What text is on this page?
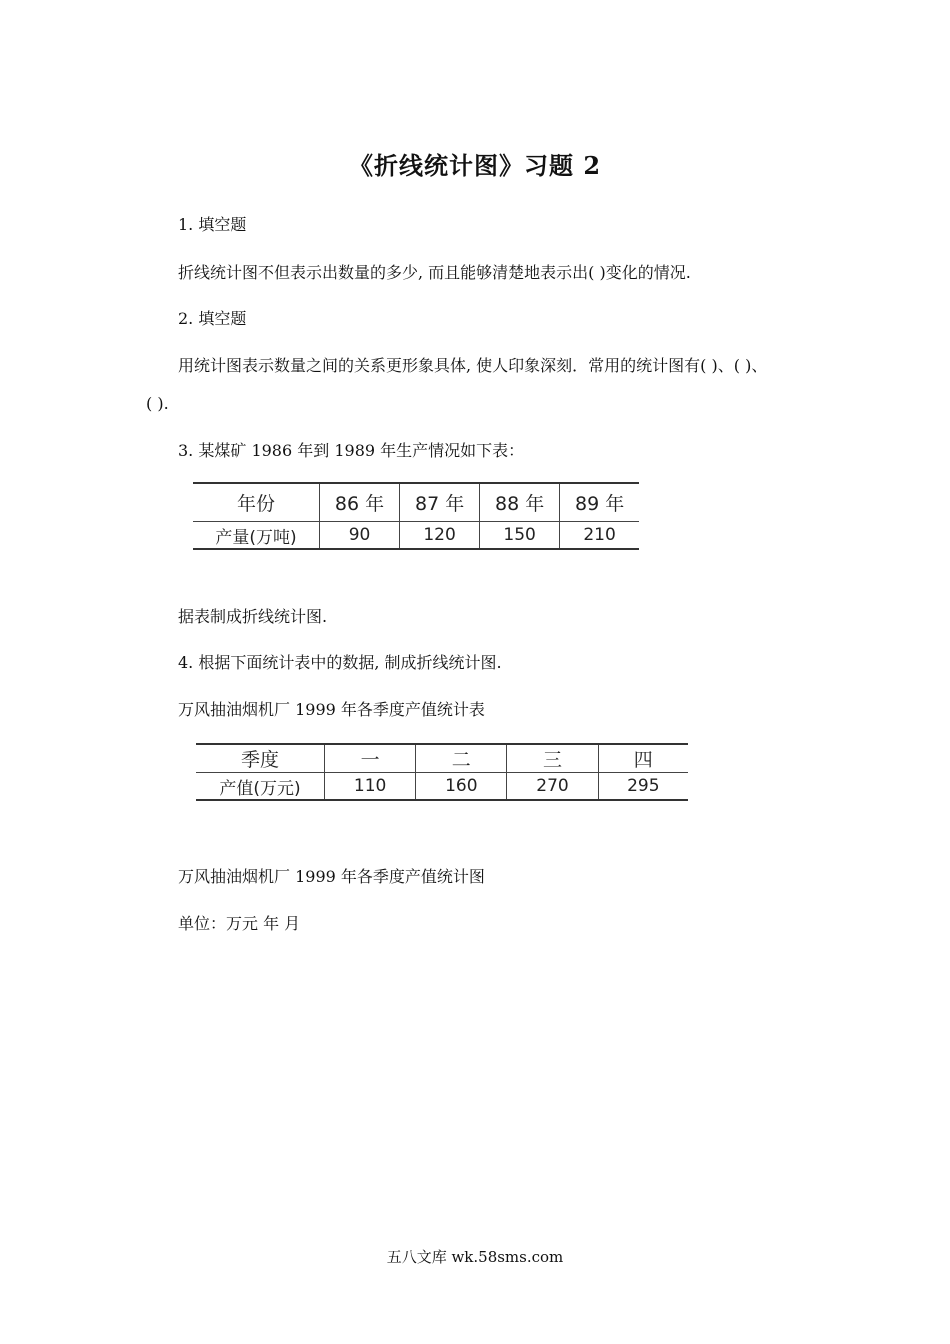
《折线统计图》习题 2
1. 填空题
折线统计图不但表示出数量的多少, 而且能够清楚地表示出( )变化的情况.
2. 填空题
用统计图表示数量之间的关系更形象具体, 使人印象深刻．常用的统计图有( )、( )、
( ).
3. 某煤矿 1986 年到 1989 年生产情况如下表：
年份	86 年	87 年	88 年	89 年
产量(万吨)	90	120	150	210
据表制成折线统计图.
4. 根据下面统计表中的数据, 制成折线统计图.
万风抽油烟机厂 1999 年各季度产值统计表
季度	一	二	三	四
产值(万元)	110	160	270	295
万风抽油烟机厂 1999 年各季度产值统计图
单位：万元 年 月
五八文库 wk.58sms.com
